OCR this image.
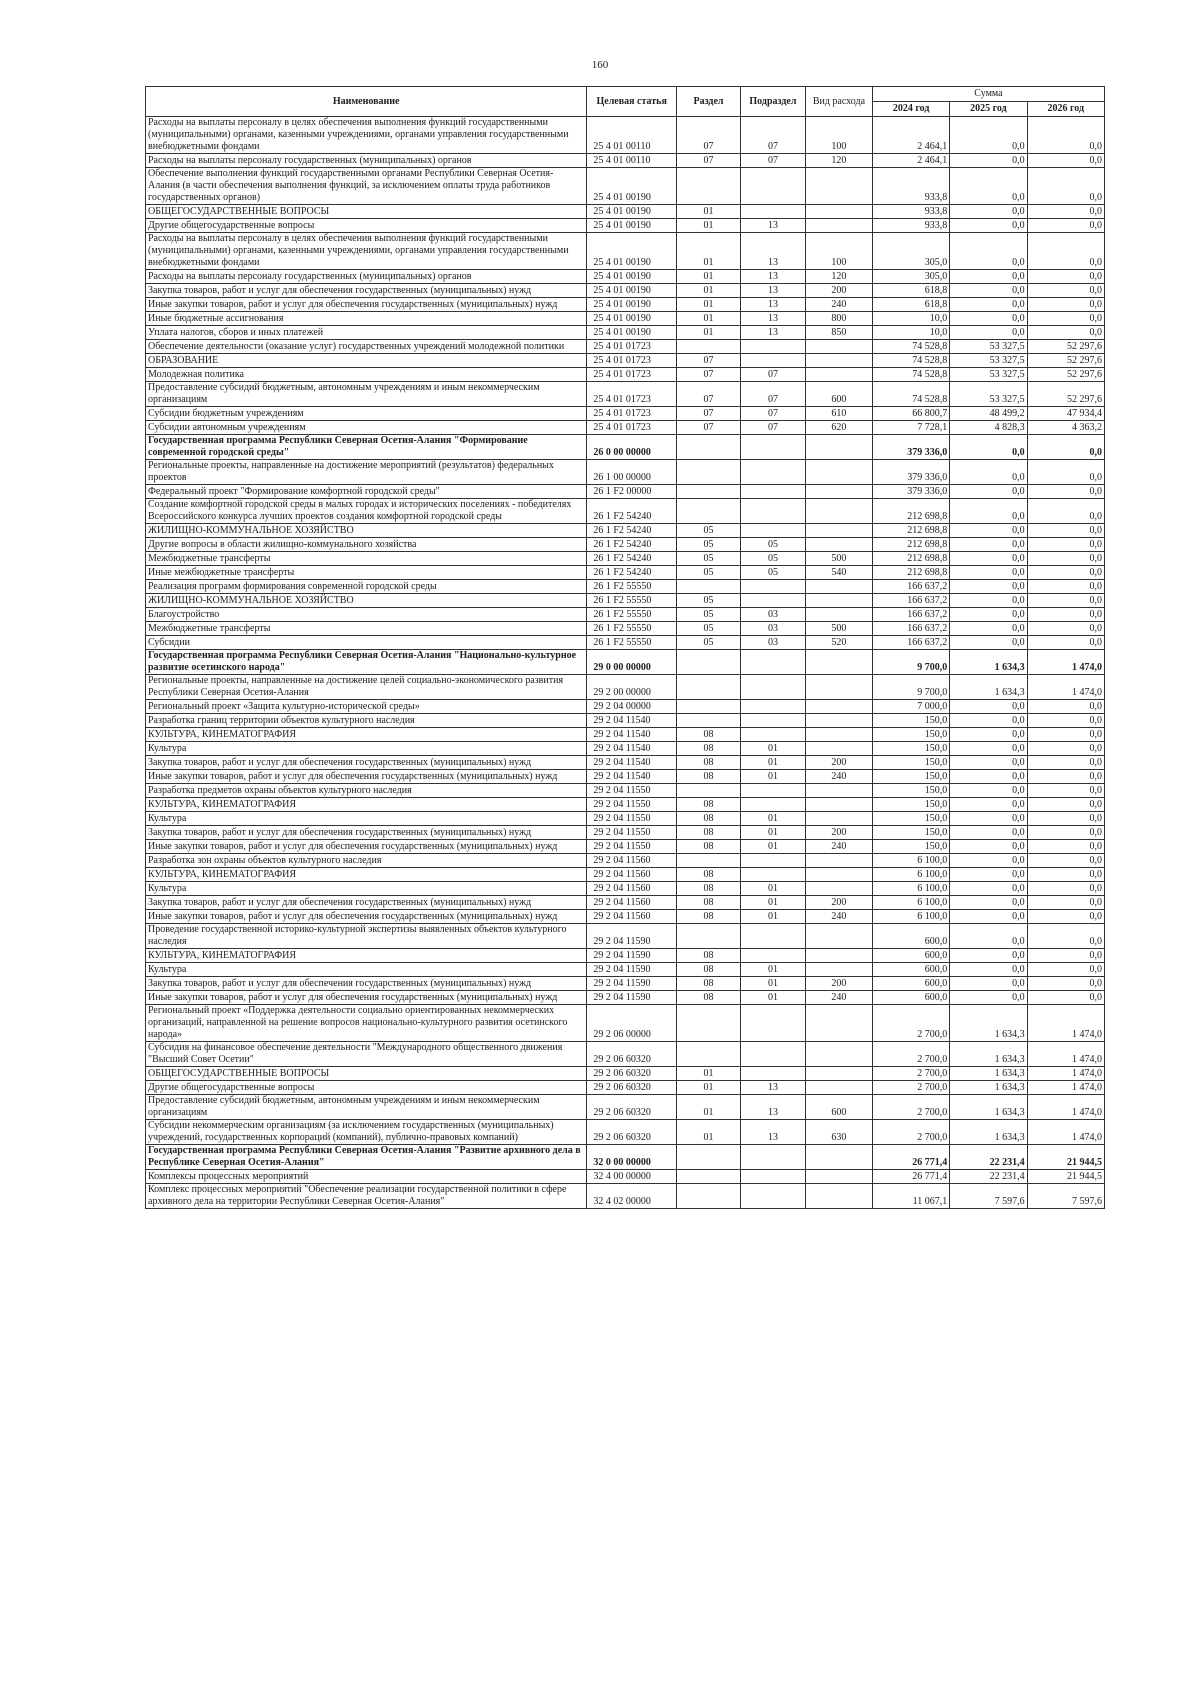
160
Наименование	Целевая статья	Раздел	Подраздел	Вид расхода	Сумма		
					2024 год	2025 год	2026 год
Расходы на выплаты персоналу в целях обеспечения выполнения функций государственными (муниципальными) органами, казенными учреждениями, органами управления государственными внебюджетными фондами	25 4 01 00110	07	07	100	2 464,1	0,0	0,0
Расходы на выплаты персоналу государственных (муниципальных) органов	25 4 01 00110	07	07	120	2 464,1	0,0	0,0
Обеспечение выполнения функций государственными органами Республики Северная Осетия-Алания (в части обеспечения выполнения функций, за исключением оплаты труда работников государственных органов)	25 4 01 00190				933,8	0,0	0,0
ОБЩЕГОСУДАРСТВЕННЫЕ ВОПРОСЫ	25 4 01 00190	01			933,8	0,0	0,0
Другие общегосударственные вопросы	25 4 01 00190	01	13		933,8	0,0	0,0
Расходы на выплаты персоналу в целях обеспечения выполнения функций государственными (муниципальными) органами, казенными учреждениями, органами управления государственными внебюджетными фондами	25 4 01 00190	01	13	100	305,0	0,0	0,0
Расходы на выплаты персоналу государственных (муниципальных) органов	25 4 01 00190	01	13	120	305,0	0,0	0,0
Закупка товаров, работ и услуг для обеспечения государственных (муниципальных) нужд	25 4 01 00190	01	13	200	618,8	0,0	0,0
Иные закупки товаров, работ и услуг для обеспечения государственных (муниципальных) нужд	25 4 01 00190	01	13	240	618,8	0,0	0,0
Иные бюджетные ассигнования	25 4 01 00190	01	13	800	10,0	0,0	0,0
Уплата налогов, сборов и иных платежей	25 4 01 00190	01	13	850	10,0	0,0	0,0
Обеспечение деятельности (оказание услуг) государственных учреждений молодежной политики	25 4 01 01723				74 528,8	53 327,5	52 297,6
ОБРАЗОВАНИЕ	25 4 01 01723	07			74 528,8	53 327,5	52 297,6
Молодежная политика	25 4 01 01723	07	07		74 528,8	53 327,5	52 297,6
Предоставление субсидий бюджетным, автономным учреждениям и иным некоммерческим организациям	25 4 01 01723	07	07	600	74 528,8	53 327,5	52 297,6
Субсидии бюджетным учреждениям	25 4 01 01723	07	07	610	66 800,7	48 499,2	47 934,4
Субсидии автономным учреждениям	25 4 01 01723	07	07	620	7 728,1	4 828,3	4 363,2
Государственная программа Республики Северная Осетия-Алания "Формирование современной городской среды"	26 0 00 00000				379 336,0	0,0	0,0
Региональные проекты, направленные на достижение мероприятий (результатов) федеральных проектов	26 1 00 00000				379 336,0	0,0	0,0
Федеральный проект "Формирование комфортной городской среды"	26 1 F2 00000				379 336,0	0,0	0,0
Создание комфортной городской среды в малых городах и исторических поселениях - победителях Всероссийского конкурса лучших проектов создания комфортной городской среды	26 1 F2 54240				212 698,8	0,0	0,0
ЖИЛИЩНО-КОММУНАЛЬНОЕ ХОЗЯЙСТВО	26 1 F2 54240	05			212 698,8	0,0	0,0
Другие вопросы в области жилищно-коммунального хозяйства	26 1 F2 54240	05	05		212 698,8	0,0	0,0
Межбюджетные трансферты	26 1 F2 54240	05	05	500	212 698,8	0,0	0,0
Иные межбюджетные трансферты	26 1 F2 54240	05	05	540	212 698,8	0,0	0,0
Реализация программ формирования современной городской среды	26 1 F2 55550				166 637,2	0,0	0,0
ЖИЛИЩНО-КОММУНАЛЬНОЕ ХОЗЯЙСТВО	26 1 F2 55550	05			166 637,2	0,0	0,0
Благоустройство	26 1 F2 55550	05	03		166 637,2	0,0	0,0
Межбюджетные трансферты	26 1 F2 55550	05	03	500	166 637,2	0,0	0,0
Субсидии	26 1 F2 55550	05	03	520	166 637,2	0,0	0,0
Государственная программа Республики Северная Осетия-Алания "Национально-культурное развитие осетинского народа"	29 0 00 00000				9 700,0	1 634,3	1 474,0
Региональные проекты, направленные на достижение целей социально-экономического развития Республики Северная Осетия-Алания	29 2 00 00000				9 700,0	1 634,3	1 474,0
Региональный проект «Защита культурно-исторической среды»	29 2 04 00000				7 000,0	0,0	0,0
Разработка границ территории объектов культурного наследия	29 2 04 11540				150,0	0,0	0,0
КУЛЬТУРА, КИНЕМАТОГРАФИЯ	29 2 04 11540	08			150,0	0,0	0,0
Культура	29 2 04 11540	08	01		150,0	0,0	0,0
Закупка товаров, работ и услуг для обеспечения государственных (муниципальных) нужд	29 2 04 11540	08	01	200	150,0	0,0	0,0
Иные закупки товаров, работ и услуг для обеспечения государственных (муниципальных) нужд	29 2 04 11540	08	01	240	150,0	0,0	0,0
Разработка предметов охраны объектов культурного наследия	29 2 04 11550				150,0	0,0	0,0
КУЛЬТУРА, КИНЕМАТОГРАФИЯ	29 2 04 11550	08			150,0	0,0	0,0
Культура	29 2 04 11550	08	01		150,0	0,0	0,0
Закупка товаров, работ и услуг для обеспечения государственных (муниципальных) нужд	29 2 04 11550	08	01	200	150,0	0,0	0,0
Иные закупки товаров, работ и услуг для обеспечения государственных (муниципальных) нужд	29 2 04 11550	08	01	240	150,0	0,0	0,0
Разработка зон охраны объектов культурного наследия	29 2 04 11560				6 100,0	0,0	0,0
КУЛЬТУРА, КИНЕМАТОГРАФИЯ	29 2 04 11560	08			6 100,0	0,0	0,0
Культура	29 2 04 11560	08	01		6 100,0	0,0	0,0
Закупка товаров, работ и услуг для обеспечения государственных (муниципальных) нужд	29 2 04 11560	08	01	200	6 100,0	0,0	0,0
Иные закупки товаров, работ и услуг для обеспечения государственных (муниципальных) нужд	29 2 04 11560	08	01	240	6 100,0	0,0	0,0
Проведение государственной историко-культурной экспертизы выявленных объектов культурного наследия	29 2 04 11590				600,0	0,0	0,0
КУЛЬТУРА, КИНЕМАТОГРАФИЯ	29 2 04 11590	08			600,0	0,0	0,0
Культура	29 2 04 11590	08	01		600,0	0,0	0,0
Закупка товаров, работ и услуг для обеспечения государственных (муниципальных) нужд	29 2 04 11590	08	01	200	600,0	0,0	0,0
Иные закупки товаров, работ и услуг для обеспечения государственных (муниципальных) нужд	29 2 04 11590	08	01	240	600,0	0,0	0,0
Региональный проект «Поддержка деятельности социально ориентированных некоммерческих организаций, направленной на решение вопросов национально-культурного развития осетинского народа»	29 2 06 00000				2 700,0	1 634,3	1 474,0
Субсидия на финансовое обеспечение деятельности "Международного общественного движения "Высший Совет Осетии"	29 2 06 60320				2 700,0	1 634,3	1 474,0
ОБЩЕГОСУДАРСТВЕННЫЕ ВОПРОСЫ	29 2 06 60320	01			2 700,0	1 634,3	1 474,0
Другие общегосударственные вопросы	29 2 06 60320	01	13		2 700,0	1 634,3	1 474,0
Предоставление субсидий бюджетным, автономным учреждениям и иным некоммерческим организациям	29 2 06 60320	01	13	600	2 700,0	1 634,3	1 474,0
Субсидии некоммерческим организациям (за исключением государственных (муниципальных) учреждений, государственных корпораций (компаний), публично-правовых компаний)	29 2 06 60320	01	13	630	2 700,0	1 634,3	1 474,0
Государственная программа Республики Северная Осетия-Алания "Развитие архивного дела в Республике Северная Осетия-Алания"	32 0 00 00000				26 771,4	22 231,4	21 944,5
Комплексы процессных мероприятий	32 4 00 00000				26 771,4	22 231,4	21 944,5
Комплекс процессных мероприятий "Обеспечение реализации государственной политики в сфере архивного дела на территории Республики Северная Осетия-Алания"	32 4 02 00000				11 067,1	7 597,6	7 597,6
